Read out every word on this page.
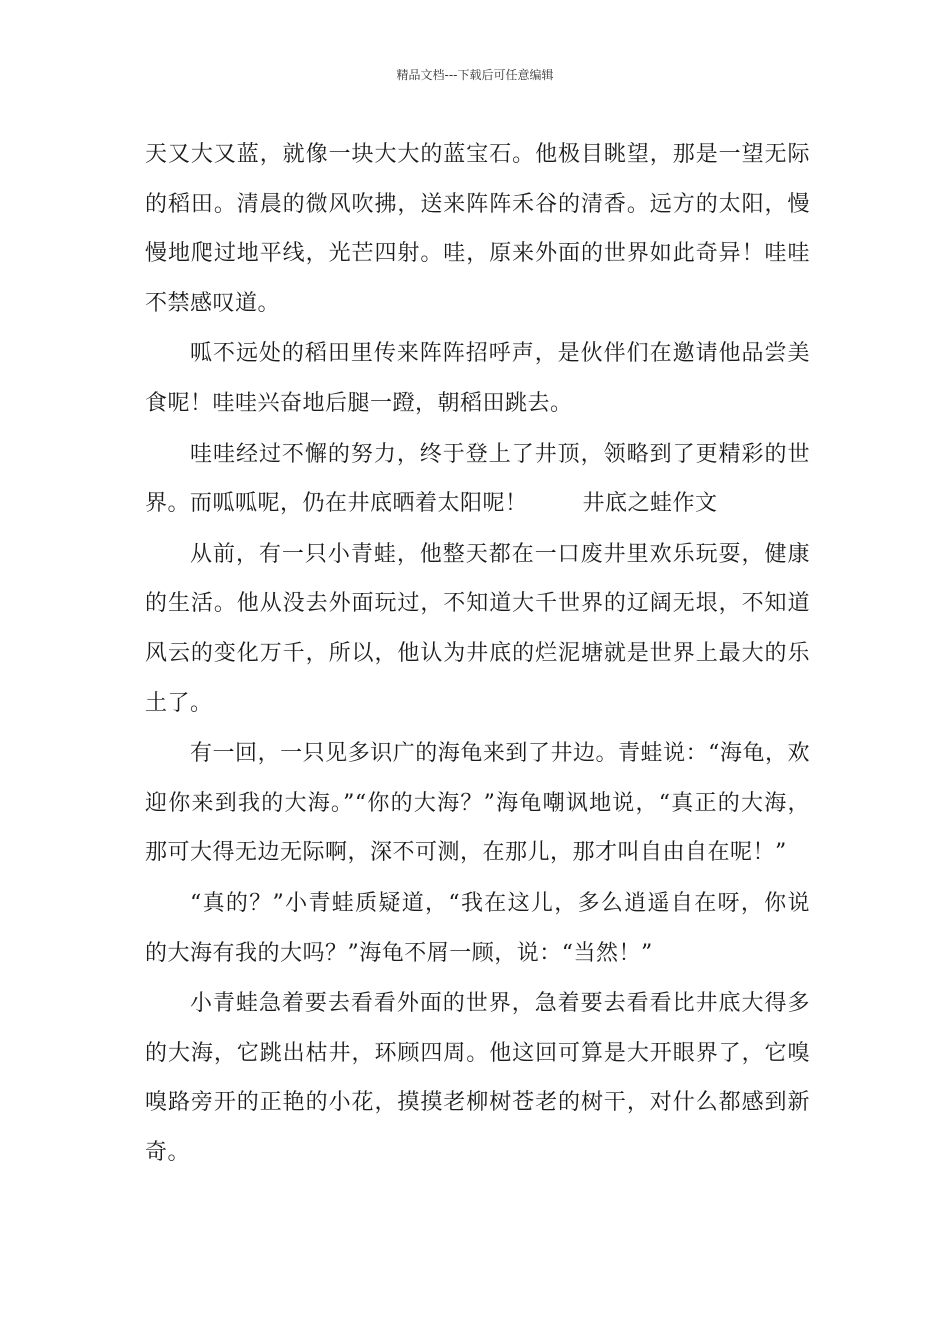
精品文档---下载后可任意编辑

天又大又蓝，就像一块大大的蓝宝石。他极目眺望，那是一望无际的稻田。清晨的微风吹拂，送来阵阵禾谷的清香。远方的太阳，慢慢地爬过地平线，光芒四射。哇，原来外面的世界如此奇异！哇哇不禁感叹道。

呱不远处的稻田里传来阵阵招呼声，是伙伴们在邀请他品尝美食呢！哇哇兴奋地后腿一蹬，朝稻田跳去。

哇哇经过不懈的努力，终于登上了井顶，领略到了更精彩的世界。而呱呱呢，仍在井底晒着太阳呢！	井底之蛙作文

从前，有一只小青蛙，他整天都在一口废井里欢乐玩耍，健康的生活。他从没去外面玩过，不知道大千世界的辽阔无垠，不知道风云的变化万千，所以，他认为井底的烂泥塘就是世界上最大的乐土了。

有一回，一只见多识广的海龟来到了井边。青蛙说：“海龟，欢迎你来到我的大海。”“你的大海？”海龟嘲讽地说，“真正的大海，那可大得无边无际啊，深不可测，在那儿，那才叫自由自在呢！”

“真的？”小青蛙质疑道，“我在这儿，多么逍遥自在呀，你说的大海有我的大吗？”海龟不屑一顾，说：“当然！”

小青蛙急着要去看看外面的世界，急着要去看看比井底大得多的大海，它跳出枯井，环顾四周。他这回可算是大开眼界了，它嗅嗅路旁开的正艳的小花，摸摸老柳树苍老的树干，对什么都感到新奇。
